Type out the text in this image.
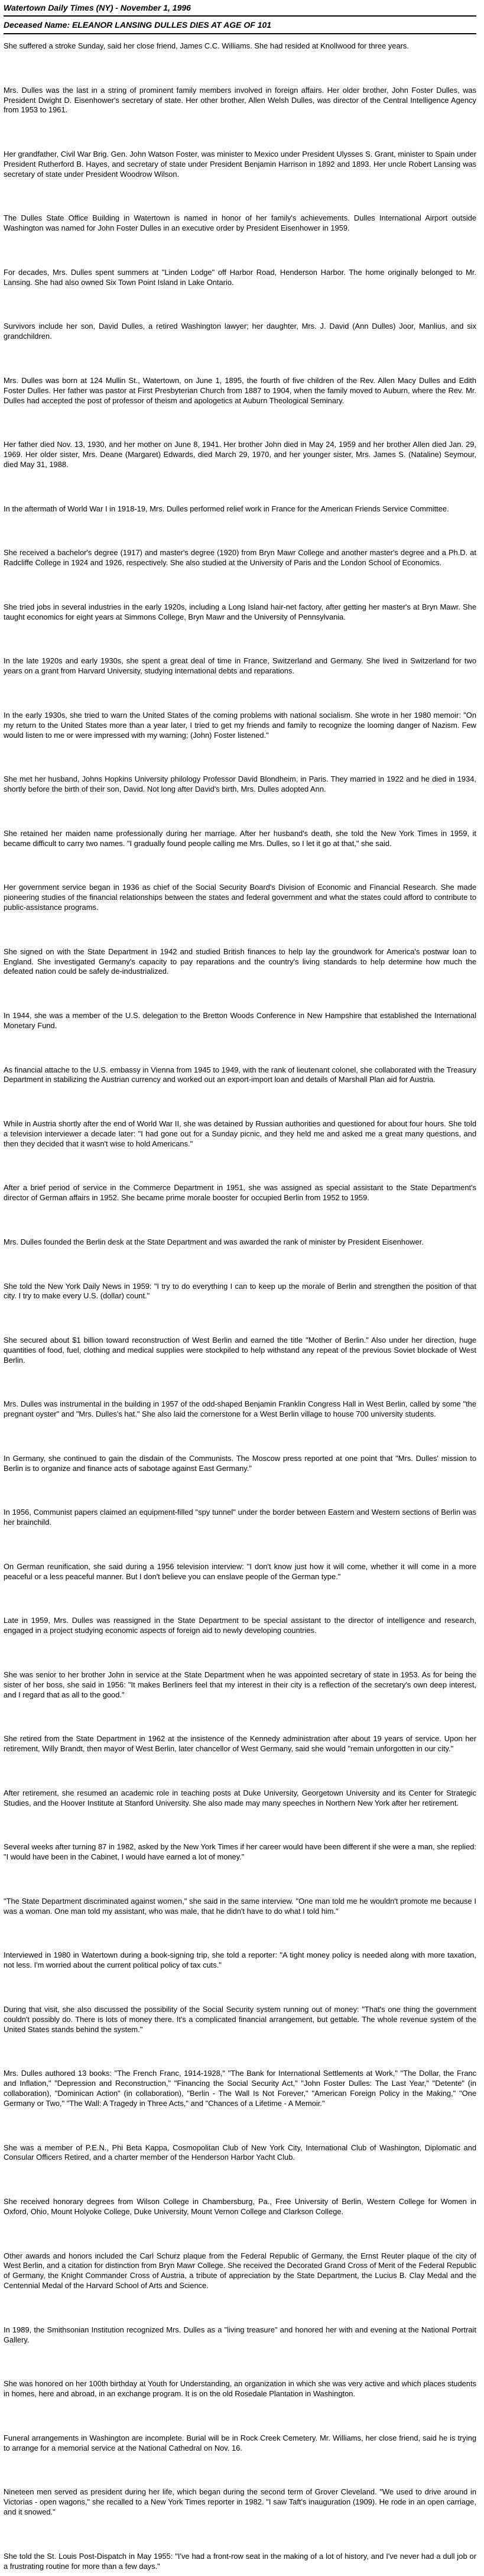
Watertown Daily Times (NY) - November 1, 1996
Deceased Name: ELEANOR LANSING DULLES DIES AT AGE OF 101

She suffered a stroke Sunday, said her close friend, James C.C. Williams. She had resided at Knollwood for three years.

Mrs. Dulles was the last in a string of prominent family members involved in foreign affairs. Her older brother, John Foster Dulles, was President Dwight D. Eisenhower's secretary of state. Her other brother, Allen Welsh Dulles, was director of the Central Intelligence Agency from 1953 to 1961.

Her grandfather, Civil War Brig. Gen. John Watson Foster, was minister to Mexico under President Ulysses S. Grant, minister to Spain under President Rutherford B. Hayes, and secretary of state under President Benjamin Harrison in 1892 and 1893. Her uncle Robert Lansing was secretary of state under President Woodrow Wilson.

The Dulles State Office Building in Watertown is named in honor of her family's achievements. Dulles International Airport outside Washington was named for John Foster Dulles in an executive order by President Eisenhower in 1959.

For decades, Mrs. Dulles spent summers at "Linden Lodge" off Harbor Road, Henderson Harbor. The home originally belonged to Mr. Lansing. She had also owned Six Town Point Island in Lake Ontario.

Survivors include her son, David Dulles, a retired Washington lawyer; her daughter, Mrs. J. David (Ann Dulles) Joor, Manlius, and six grandchildren.

Mrs. Dulles was born at 124 Mullin St., Watertown, on June 1, 1895, the fourth of five children of the Rev. Allen Macy Dulles and Edith Foster Dulles. Her father was pastor at First Presbyterian Church from 1887 to 1904, when the family moved to Auburn, where the Rev. Mr. Dulles had accepted the post of professor of theism and apologetics at Auburn Theological Seminary.

Her father died Nov. 13, 1930, and her mother on June 8, 1941. Her brother John died in May 24, 1959 and her brother Allen died Jan. 29, 1969. Her older sister, Mrs. Deane (Margaret) Edwards, died March 29, 1970, and her younger sister, Mrs. James S. (Nataline) Seymour, died May 31, 1988.

In the aftermath of World War I in 1918-19, Mrs. Dulles performed relief work in France for the American Friends Service Committee.

She received a bachelor's degree (1917) and master's degree (1920) from Bryn Mawr College and another master's degree and a Ph.D. at Radcliffe College in 1924 and 1926, respectively. She also studied at the University of Paris and the London School of Economics.

She tried jobs in several industries in the early 1920s, including a Long Island hair-net factory, after getting her master's at Bryn Mawr. She taught economics for eight years at Simmons College, Bryn Mawr and the University of Pennsylvania.

In the late 1920s and early 1930s, she spent a great deal of time in France, Switzerland and Germany. She lived in Switzerland for two years on a grant from Harvard University, studying international debts and reparations.

In the early 1930s, she tried to warn the United States of the coming problems with national socialism. She wrote in her 1980 memoir: "On my return to the United States more than a year later, I tried to get my friends and family to recognize the looming danger of Nazism. Few would listen to me or were impressed with my warning; (John) Foster listened."

She met her husband, Johns Hopkins University philology Professor David Blondheim, in Paris. They married in 1922 and he died in 1934, shortly before the birth of their son, David. Not long after David's birth, Mrs. Dulles adopted Ann.

She retained her maiden name professionally during her marriage. After her husband's death, she told the New York Times in 1959, it became difficult to carry two names. "I gradually found people calling me Mrs. Dulles, so I let it go at that," she said.

Her government service began in 1936 as chief of the Social Security Board's Division of Economic and Financial Research. She made pioneering studies of the financial relationships between the states and federal government and what the states could afford to contribute to public-assistance programs.

She signed on with the State Department in 1942 and studied British finances to help lay the groundwork for America's postwar loan to England. She investigated Germany's capacity to pay reparations and the country's living standards to help determine how much the defeated nation could be safely de-industrialized.

In 1944, she was a member of the U.S. delegation to the Bretton Woods Conference in New Hampshire that established the International Monetary Fund.

As financial attache to the U.S. embassy in Vienna from 1945 to 1949, with the rank of lieutenant colonel, she collaborated with the Treasury Department in stabilizing the Austrian currency and worked out an export-import loan and details of Marshall Plan aid for Austria.

While in Austria shortly after the end of World War II, she was detained by Russian authorities and questioned for about four hours. She told a television interviewer a decade later: "I had gone out for a Sunday picnic, and they held me and asked me a great many questions, and then they decided that it wasn't wise to hold Americans."

After a brief period of service in the Commerce Department in 1951, she was assigned as special assistant to the State Department's director of German affairs in 1952. She became prime morale booster for occupied Berlin from 1952 to 1959.

Mrs. Dulles founded the Berlin desk at the State Department and was awarded the rank of minister by President Eisenhower.

She told the New York Daily News in 1959: "I try to do everything I can to keep up the morale of Berlin and strengthen the position of that city. I try to make every U.S. (dollar) count."

She secured about $1 billion toward reconstruction of West Berlin and earned the title "Mother of Berlin." Also under her direction, huge quantities of food, fuel, clothing and medical supplies were stockpiled to help withstand any repeat of the previous Soviet blockade of West Berlin.

Mrs. Dulles was instrumental in the building in 1957 of the odd-shaped Benjamin Franklin Congress Hall in West Berlin, called by some "the pregnant oyster" and "Mrs. Dulles's hat." She also laid the cornerstone for a West Berlin village to house 700 university students.

In Germany, she continued to gain the disdain of the Communists. The Moscow press reported at one point that "Mrs. Dulles' mission to Berlin is to organize and finance acts of sabotage against East Germany."

In 1956, Communist papers claimed an equipment-filled "spy tunnel" under the border between Eastern and Western sections of Berlin was her brainchild.

On German reunification, she said during a 1956 television interview: "I don't know just how it will come, whether it will come in a more peaceful or a less peaceful manner. But I don't believe you can enslave people of the German type."

Late in 1959, Mrs. Dulles was reassigned in the State Department to be special assistant to the director of intelligence and research, engaged in a project studying economic aspects of foreign aid to newly developing countries.

She was senior to her brother John in service at the State Department when he was appointed secretary of state in 1953. As for being the sister of her boss, she said in 1956: "It makes Berliners feel that my interest in their city is a reflection of the secretary's own deep interest, and I regard that as all to the good."

She retired from the State Department in 1962 at the insistence of the Kennedy administration after about 19 years of service. Upon her retirement, Willy Brandt, then mayor of West Berlin, later chancellor of West Germany, said she would "remain unforgotten in our city."

After retirement, she resumed an academic role in teaching posts at Duke University, Georgetown University and its Center for Strategic Studies, and the Hoover Institute at Stanford University. She also made may many speeches in Northern New York after her retirement.

Several weeks after turning 87 in 1982, asked by the New York Times if her career would have been different if she were a man, she replied: "I would have been in the Cabinet, I would have earned a lot of money."

"The State Department discriminated against women," she said in the same interview. "One man told me he wouldn't promote me because I was a woman. One man told my assistant, who was male, that he didn't have to do what I told him."

Interviewed in 1980 in Watertown during a book-signing trip, she told a reporter: "A tight money policy is needed along with more taxation, not less. I'm worried about the current political policy of tax cuts."

During that visit, she also discussed the possibility of the Social Security system running out of money: "That's one thing the government couldn't possibly do. There is lots of money there. It's a complicated financial arrangement, but gettable. The whole revenue system of the United States stands behind the system."

Mrs. Dulles authored 13 books: "The French Franc, 1914-1928," "The Bank for International Settlements at Work," "The Dollar, the Franc and Inflation," "Depression and Reconstruction," "Financing the Social Security Act," "John Foster Dulles: The Last Year," "Detente" (in collaboration), "Dominican Action" (in collaboration), "Berlin - The Wall Is Not Forever," "American Foreign Policy in the Making," "One Germany or Two," "The Wall: A Tragedy in Three Acts," and "Chances of a Lifetime - A Memoir."

She was a member of P.E.N., Phi Beta Kappa, Cosmopolitan Club of New York City, International Club of Washington, Diplomatic and Consular Officers Retired, and a charter member of the Henderson Harbor Yacht Club.

She received honorary degrees from Wilson College in Chambersburg, Pa., Free University of Berlin, Western College for Women in Oxford, Ohio, Mount Holyoke College, Duke University, Mount Vernon College and Clarkson College.

Other awards and honors included the Carl Schurz plaque from the Federal Republic of Germany, the Ernst Reuter plaque of the city of West Berlin, and a citation for distinction from Bryn Mawr College. She received the Decorated Grand Cross of Merit of the Federal Republic of Germany, the Knight Commander Cross of Austria, a tribute of appreciation by the State Department, the Lucius B. Clay Medal and the Centennial Medal of the Harvard School of Arts and Science.

In 1989, the Smithsonian Institution recognized Mrs. Dulles as a "living treasure" and honored her with and evening at the National Portrait Gallery.

She was honored on her 100th birthday at Youth for Understanding, an organization in which she was very active and which places students in homes, here and abroad, in an exchange program. It is on the old Rosedale Plantation in Washington.

Funeral arrangements in Washington are incomplete. Burial will be in Rock Creek Cemetery. Mr. Williams, her close friend, said he is trying to arrange for a memorial service at the National Cathedral on Nov. 16.

Nineteen men served as president during her life, which began during the second term of Grover Cleveland. "We used to drive around in Victorias - open wagons," she recalled to a New York Times reporter in 1982. "I saw Taft's inauguration (1909). He rode in an open carriage, and it snowed."

She told the St. Louis Post-Dispatch in May 1955: "I've had a front-row seat in the making of a lot of history, and I've never had a dull job or a frustrating routine for more than a few days."
